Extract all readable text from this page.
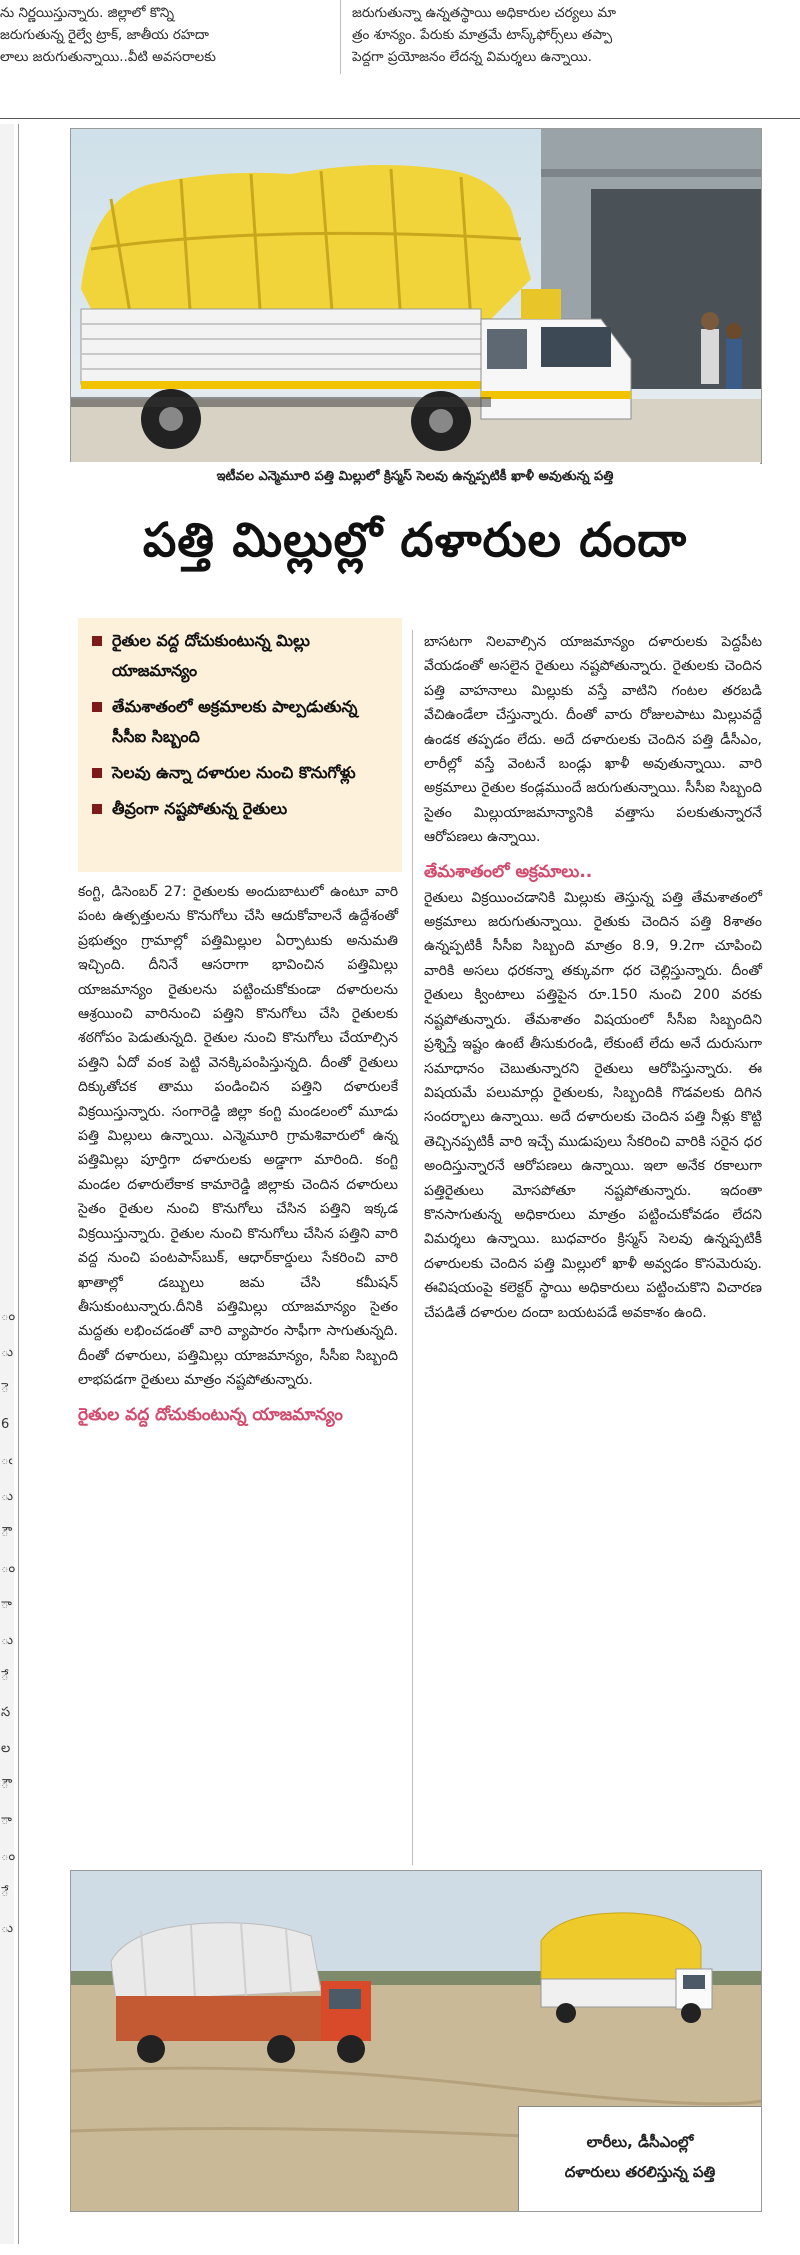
ను నిర్ణయిస్తున్నారు. జిల్లాలో కొన్ని
జరుగుతున్న రైల్వే ట్రాక్, జాతీయ రహదా
లాలు జరుగుతున్నాయి..వీటి అవసరాలకు
జరుగుతున్నా ఉన్నతస్థాయి అధికారుల చర్యలు మా
త్రం శూన్యం. పేరుకు మాత్రమే టాస్క్‌ఫోర్స్‌లు తప్పా
పెద్దగా ప్రయోజనం లేదన్న విమర్శలు ఉన్నాయి.
ం
ు
ె
6
ఁ
ు
ౌ
ం
ా
ు
ే
స
ల
ౌ
ా
ం
ే
ు
ఇటీవల ఎన్మెమూరి పత్తి మిల్లులో క్రిస్మస్ సెలవు ఉన్నప్పటికీ ఖాళీ అవుతున్న పత్తి
పత్తి మిల్లుల్లో దళారుల దందా
రైతుల వద్ద దోచుకుంటున్న మిల్లు యాజమాన్యం
తేమశాతంలో అక్రమాలకు పాల్పడుతున్న సీసీఐ సిబ్బంది
సెలవు ఉన్నా దళారుల నుంచి కొనుగోళ్లు
తీవ్రంగా నష్టపోతున్న రైతులు

కంగ్టి, డిసెంబర్ 27: రైతులకు అందుబాటులో ఉంటూ వారి పంట ఉత్పత్తులను కొనుగోలు చేసి ఆదుకోవాలనే ఉద్దేశంతో ప్రభుత్వం గ్రామాల్లో పత్తిమిల్లుల ఏర్పాటుకు అనుమతి ఇచ్చింది. దీనినే ఆసరాగా భావించిన పత్తిమిల్లు యాజమాన్యం రైతులను పట్టించుకోకుండా దళారులను ఆశ్రయించి వారినుంచి పత్తిని కొనుగోలు చేసి రైతులకు శఠగోపం పెడుతున్నది. రైతుల నుంచి కొనుగోలు చేయాల్సిన పత్తిని ఏదో వంక పెట్టి వెనక్కిపంపిస్తున్నది. దీంతో రైతులు దిక్కుతోచక తాము పండించిన పత్తిని దళారులకే విక్రయిస్తున్నారు. సంగారెడ్డి జిల్లా కంగ్టి మండలంలో మూడు పత్తి మిల్లులు ఉన్నాయి. ఎన్మెమూరి గ్రామశివారులో ఉన్న పత్తిమిల్లు పూర్తిగా దళారులకు అడ్డాగా మారింది. కంగ్టి మండల దళారులేకాక కామారెడ్డి జిల్లాకు చెందిన దళారులు సైతం రైతుల నుంచి కొనుగోలు చేసిన పత్తిని ఇక్కడ విక్రయిస్తున్నారు. రైతుల నుంచి కొనుగోలు చేసిన పత్తిని వారి వద్ద నుంచి పంటపాస్‌బుక్, ఆధార్‌కార్డులు సేకరించి వారి ఖాతాల్లో డబ్బులు జమ చేసి కమీషన్ తీసుకుంటున్నారు.దీనికి పత్తిమిల్లు యాజమాన్యం సైతం మద్దతు లభించడంతో వారి వ్యాపారం సాఫీగా సాగుతున్నది. దీంతో దళారులు, పత్తిమిల్లు యాజమాన్యం, సీసీఐ సిబ్బంది లాభపడగా రైతులు మాత్రం నష్టపోతున్నారు.

రైతుల వద్ద దోచుకుంటున్న యాజమాన్యం

బాసటగా నిలవాల్సిన యాజమాన్యం దళారులకు పెద్దపీట వేయడంతో అసలైన రైతులు నష్టపోతున్నారు. రైతులకు చెందిన పత్తి వాహనాలు మిల్లుకు వస్తే వాటిని గంటల తరబడి వేచిఉండేలా చేస్తున్నారు. దీంతో వారు రోజులపాటు మిల్లువద్దే ఉండక తప్పడం లేదు. అదే దళారులకు చెందిన పత్తి డీసీఎం, లారీల్లో వస్తే వెంటనే బండ్లు ఖాళీ అవుతున్నాయి. వారి అక్రమాలు రైతుల కండ్లముందే జరుగుతున్నాయి. సీసీఐ సిబ్బంది సైతం మిల్లుయాజమాన్యానికి వత్తాసు పలకుతున్నారనే ఆరోపణలు ఉన్నాయి.

తేమశాతంలో అక్రమాలు..

రైతులు విక్రయించడానికి మిల్లుకు తెస్తున్న పత్తి తేమశాతంలో అక్రమాలు జరుగుతున్నాయి. రైతుకు చెందిన పత్తి 8శాతం ఉన్నప్పటికీ సీసీఐ సిబ్బంది మాత్రం 8.9, 9.2గా చూపించి వారికి అసలు ధరకన్నా తక్కువగా ధర చెల్లిస్తున్నారు. దీంతో రైతులు క్వింటాలు పత్తిపైన రూ.150 నుంచి 200 వరకు నష్టపోతున్నారు. తేమశాతం విషయంలో సీసీఐ సిబ్బందిని ప్రశ్నిస్తే ఇష్టం ఉంటే తీసుకురండి, లేకుంటే లేదు అనే దురుసుగా సమాధానం చెబుతున్నారని రైతులు ఆరోపిస్తున్నారు. ఈ విషయమే పలుమార్లు రైతులకు, సిబ్బందికి గొడవలకు దిగిన సందర్భాలు ఉన్నాయి. అదే దళారులకు చెందిన పత్తి నీళ్లు కొట్టి తెచ్చినప్పటికీ వారి ఇచ్చే ముడుపులు సేకరించి వారికి సరైన ధర అందిస్తున్నారనే ఆరోపణలు ఉన్నాయి. ఇలా అనేక రకాలుగా పత్తిరైతులు మోసపోతూ నష్టపోతున్నారు. ఇదంతా కొనసాగుతున్న అధికారులు మాత్రం పట్టించుకోవడం లేదని విమర్శలు ఉన్నాయి. బుధవారం క్రిస్మస్ సెలవు ఉన్నప్పటికీ దళారులకు చెందిన పత్తి మిల్లులో ఖాళీ అవ్వడం కొసమెరుపు. ఈవిషయంపై కలెక్టర్ స్థాయి అధికారులు పట్టించుకొని విచారణ చేపడితే దళారుల దందా బయటపడే అవకాశం ఉంది.

లారీలు, డీసీఎంల్లో
దళారులు తరలిస్తున్న పత్తి
